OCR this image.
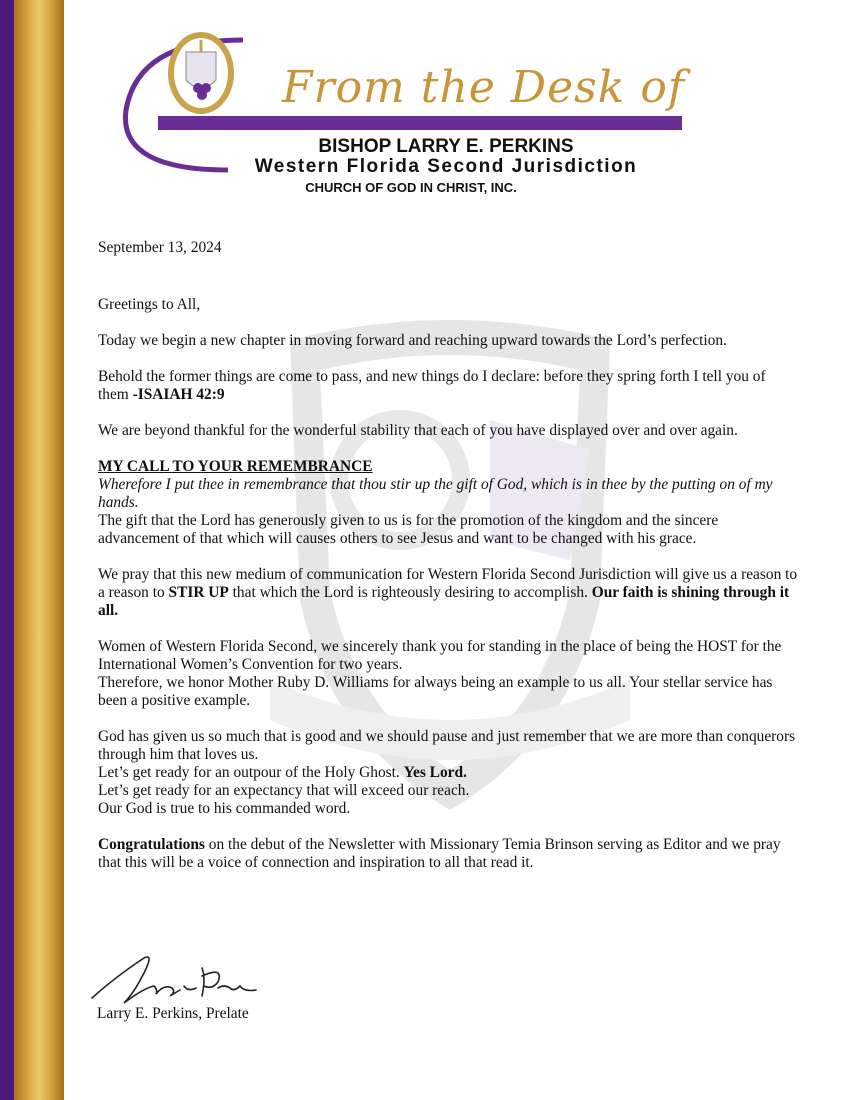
From the Desk of
BISHOP LARRY E. PERKINS
Western Florida Second Jurisdiction
CHURCH OF GOD IN CHRIST, INC.

September 13, 2024

Greetings to All,

Today we begin a new chapter in moving forward and reaching upward towards the Lord’s perfection.

Behold the former things are come to pass, and new things do I declare: before they spring forth I tell you of them -ISAIAH 42:9

We are beyond thankful for the wonderful stability that each of you have displayed over and over again.

MY CALL TO YOUR REMEMBRANCE

Wherefore I put thee in remembrance that thou stir up the gift of God, which is in thee by the putting on of my hands.

The gift that the Lord has generously given to us is for the promotion of the kingdom and the sincere advancement of that which will causes others to see Jesus and want to be changed with his grace.

We pray that this new medium of communication for Western Florida Second Jurisdiction will give us a reason to a reason to STIR UP that which the Lord is righteously desiring to accomplish. Our faith is shining through it all.

Women of Western Florida Second, we sincerely thank you for standing in the place of being the HOST for the International Women’s Convention for two years.

Therefore, we honor Mother Ruby D. Williams for always being an example to us all. Your stellar service has been a positive example.

God has given us so much that is good and we should pause and just remember that we are more than conquerors through him that loves us.

Let’s get ready for an outpour of the Holy Ghost. Yes Lord.

Let’s get ready for an expectancy that will exceed our reach.

Our God is true to his commanded word.

Congratulations on the debut of the Newsletter with Missionary Temia Brinson serving as Editor and we pray that this will be a voice of connection and inspiration to all that read it.

Larry E. Perkins, Prelate
